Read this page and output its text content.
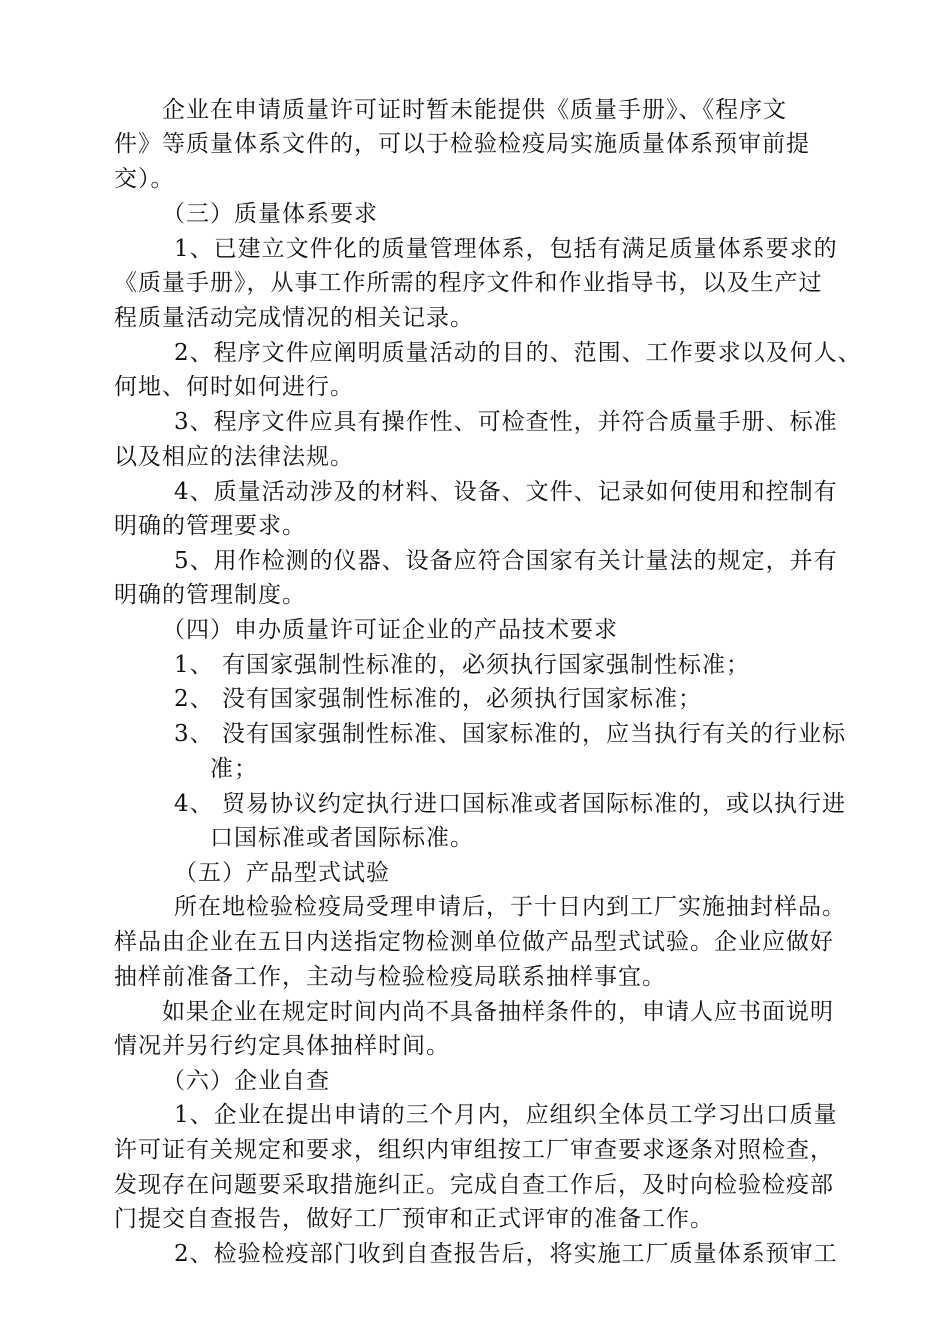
企业在申请质量许可证时暂未能提供《质量手册》、《程序文

件》等质量体系文件的，可以于检验检疫局实施质量体系预审前提

交）。

（三）质量体系要求

1、已建立文件化的质量管理体系，包括有满足质量体系要求的

《质量手册》，从事工作所需的程序文件和作业指导书，以及生产过

程质量活动完成情况的相关记录。

2、程序文件应阐明质量活动的目的、范围、工作要求以及何人、

何地、何时如何进行。

3、程序文件应具有操作性、可检查性，并符合质量手册、标准

以及相应的法律法规。

4、质量活动涉及的材料、设备、文件、记录如何使用和控制有

明确的管理要求。

5、用作检测的仪器、设备应符合国家有关计量法的规定，并有

明确的管理制度。

（四）申办质量许可证企业的产品技术要求

1、 有国家强制性标准的，必须执行国家强制性标准；

2、 没有国家强制性标准的，必须执行国家标准；

3、 没有国家强制性标准、国家标准的，应当执行有关的行业标

准；

4、 贸易协议约定执行进口国标准或者国际标准的，或以执行进

口国标准或者国际标准。

（五）产品型式试验

所在地检验检疫局受理申请后，于十日内到工厂实施抽封样品。

样品由企业在五日内送指定物检测单位做产品型式试验。企业应做好

抽样前准备工作，主动与检验检疫局联系抽样事宜。

如果企业在规定时间内尚不具备抽样条件的，申请人应书面说明

情况并另行约定具体抽样时间。

（六）企业自查

1、企业在提出申请的三个月内，应组织全体员工学习出口质量

许可证有关规定和要求，组织内审组按工厂审查要求逐条对照检查，

发现存在问题要采取措施纠正。完成自查工作后，及时向检验检疫部

门提交自查报告，做好工厂预审和正式评审的准备工作。

2、检验检疫部门收到自查报告后，将实施工厂质量体系预审工
